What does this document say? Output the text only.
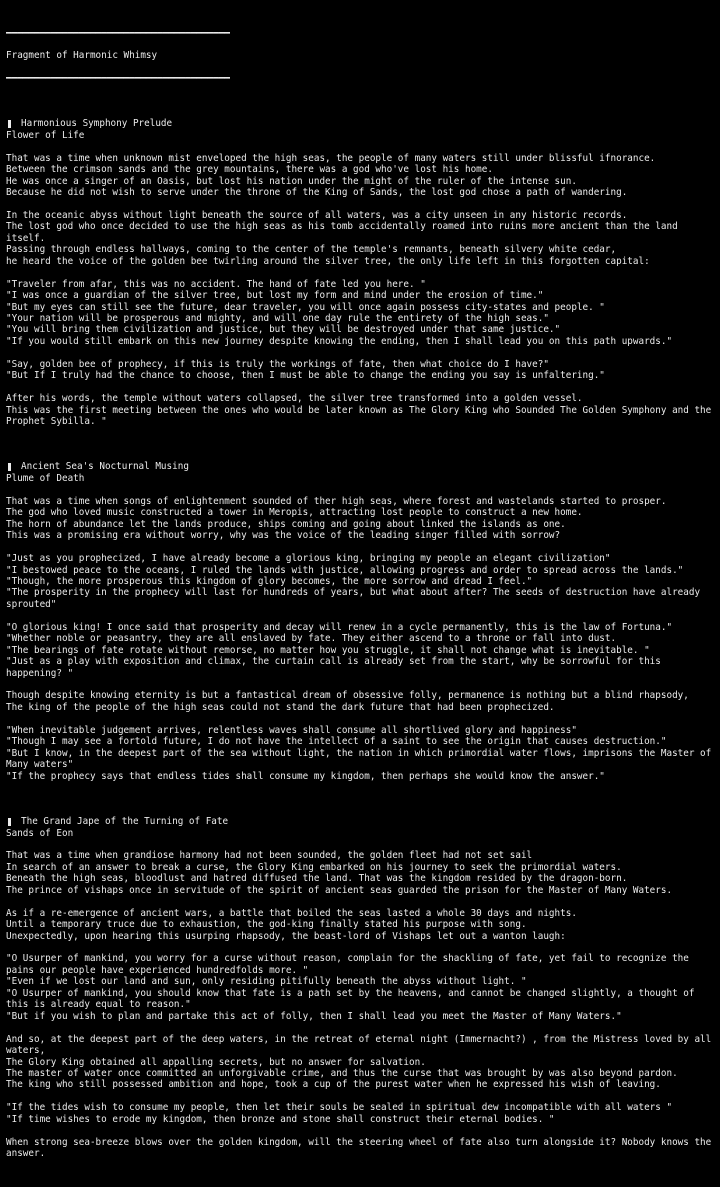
━━━━━━━━━━━━━━━━━━━━━━━━━━━━━━━━━━━━━━━━
Fragment of Harmonic Whimsy
━━━━━━━━━━━━━━━━━━━━━━━━━━━━━━━━━━━━━━━━
Harmonious Symphony Prelude
Flower of Life
That was a time when unknown mist enveloped the high seas, the people of many waters still under blissful ifnorance.
Between the crimson sands and the grey mountains, there was a god who've lost his home.
He was once a singer of an Oasis, but lost his nation under the might of the ruler of the intense sun.
Because he did not wish to serve under the throne of the King of Sands, the lost god chose a path of wandering.
In the oceanic abyss without light beneath the source of all waters, was a city unseen in any historic records.
The lost god who once decided to use the high seas as his tomb accidentally roamed into ruins more ancient than the land itself.
Passing through endless hallways, coming to the center of the temple's remnants, beneath silvery white cedar,
he heard the voice of the golden bee twirling around the silver tree, the only life left in this forgotten capital:
"Traveler from afar, this was no accident. The hand of fate led you here. "
"I was once a guardian of the silver tree, but lost my form and mind under the erosion of time."
"But my eyes can still see the future, dear traveler, you will once again possess city-states and people. "
"Your nation will be prosperous and mighty, and will one day rule the entirety of the high seas."
"You will bring them civilization and justice, but they will be destroyed under that same justice."
"If you would still embark on this new journey despite knowing the ending, then I shall lead you on this path upwards."
"Say, golden bee of prophecy, if this is truly the workings of fate, then what choice do I have?"
"But If I truly had the chance to choose, then I must be able to change the ending you say is unfaltering."
After his words, the temple without waters collapsed, the silver tree transformed into a golden vessel.
This was the first meeting between the ones who would be later known as The Glory King who Sounded The Golden Symphony and the Prophet Sybilla. "
Ancient Sea's Nocturnal Musing
Plume of Death
That was a time when songs of enlightenment sounded of ther high seas, where forest and wastelands started to prosper.
The god who loved music constructed a tower in Meropis, attracting lost people to construct a new home.
The horn of abundance let the lands produce, ships coming and going about linked the islands as one.
This was a promising era without worry, why was the voice of the leading singer filled with sorrow?
"Just as you prophecized, I have already become a glorious king, bringing my people an elegant civilization"
"I bestowed peace to the oceans, I ruled the lands with justice, allowing progress and order to spread across the lands."
"Though, the more prosperous this kingdom of glory becomes, the more sorrow and dread I feel."
"The prosperity in the prophecy will last for hundreds of years, but what about after? The seeds of destruction have already sprouted"
"O glorious king! I once said that prosperity and decay will renew in a cycle permanently, this is the law of Fortuna."
"Whether noble or peasantry, they are all enslaved by fate. They either ascend to a throne or fall into dust.
"The bearings of fate rotate without remorse, no matter how you struggle, it shall not change what is inevitable. "
"Just as a play with exposition and climax, the curtain call is already set from the start, why be sorrowful for this happening? "
Though despite knowing eternity is but a fantastical dream of obsessive folly, permanence is nothing but a blind rhapsody,
The king of the people of the high seas could not stand the dark future that had been prophecized.
"When inevitable judgement arrives, relentless waves shall consume all shortlived glory and happiness"
"Though I may see a fortold future, I do not have the intellect of a saint to see the origin that causes destruction."
"But I know, in the deepest part of the sea without light, the nation in which primordial water flows, imprisons the Master of Many waters"
"If the prophecy says that endless tides shall consume my kingdom, then perhaps she would know the answer."
The Grand Jape of the Turning of Fate
Sands of Eon
That was a time when grandiose harmony had not been sounded, the golden fleet had not set sail
In search of an answer to break a curse, the Glory King embarked on his journey to seek the primordial waters.
Beneath the high seas, bloodlust and hatred diffused the land. That was the kingdom resided by the dragon-born.
The prince of vishaps once in servitude of the spirit of ancient seas guarded the prison for the Master of Many Waters.
As if a re-emergence of ancient wars, a battle that boiled the seas lasted a whole 30 days and nights.
Until a temporary truce due to exhaustion, the god-king finally stated his purpose with song.
Unexpectedly, upon hearing this usurping rhapsody, the beast-lord of Vishaps let out a wanton laugh:
"O Usurper of mankind, you worry for a curse without reason, complain for the shackling of fate, yet fail to recognize the pains our people have experienced hundredfolds more. "
"Even if we lost our land and sun, only residing pitifully beneath the abyss without light. "
"O Usurper of mankind, you should know that fate is a path set by the heavens, and cannot be changed slightly, a thought of this is already equal to reason."
"But if you wish to plan and partake this act of folly, then I shall lead you meet the Master of Many Waters."
And so, at the deepest part of the deep waters, in the retreat of eternal night (Immernacht?) , from the Mistress loved by all waters,
The Glory King obtained all appalling secrets, but no answer for salvation.
The master of water once committed an unforgivable crime, and thus the curse that was brought by was also beyond pardon.
The king who still possessed ambition and hope, took a cup of the purest water when he expressed his wish of leaving.
"If the tides wish to consume my people, then let their souls be sealed in spiritual dew incompatible with all waters "
"If time wishes to erode my kingdom, then bronze and stone shall construct their eternal bodies. "
When strong sea-breeze blows over the golden kingdom, will the steering wheel of fate also turn alongside it? Nobody knows the answer.
